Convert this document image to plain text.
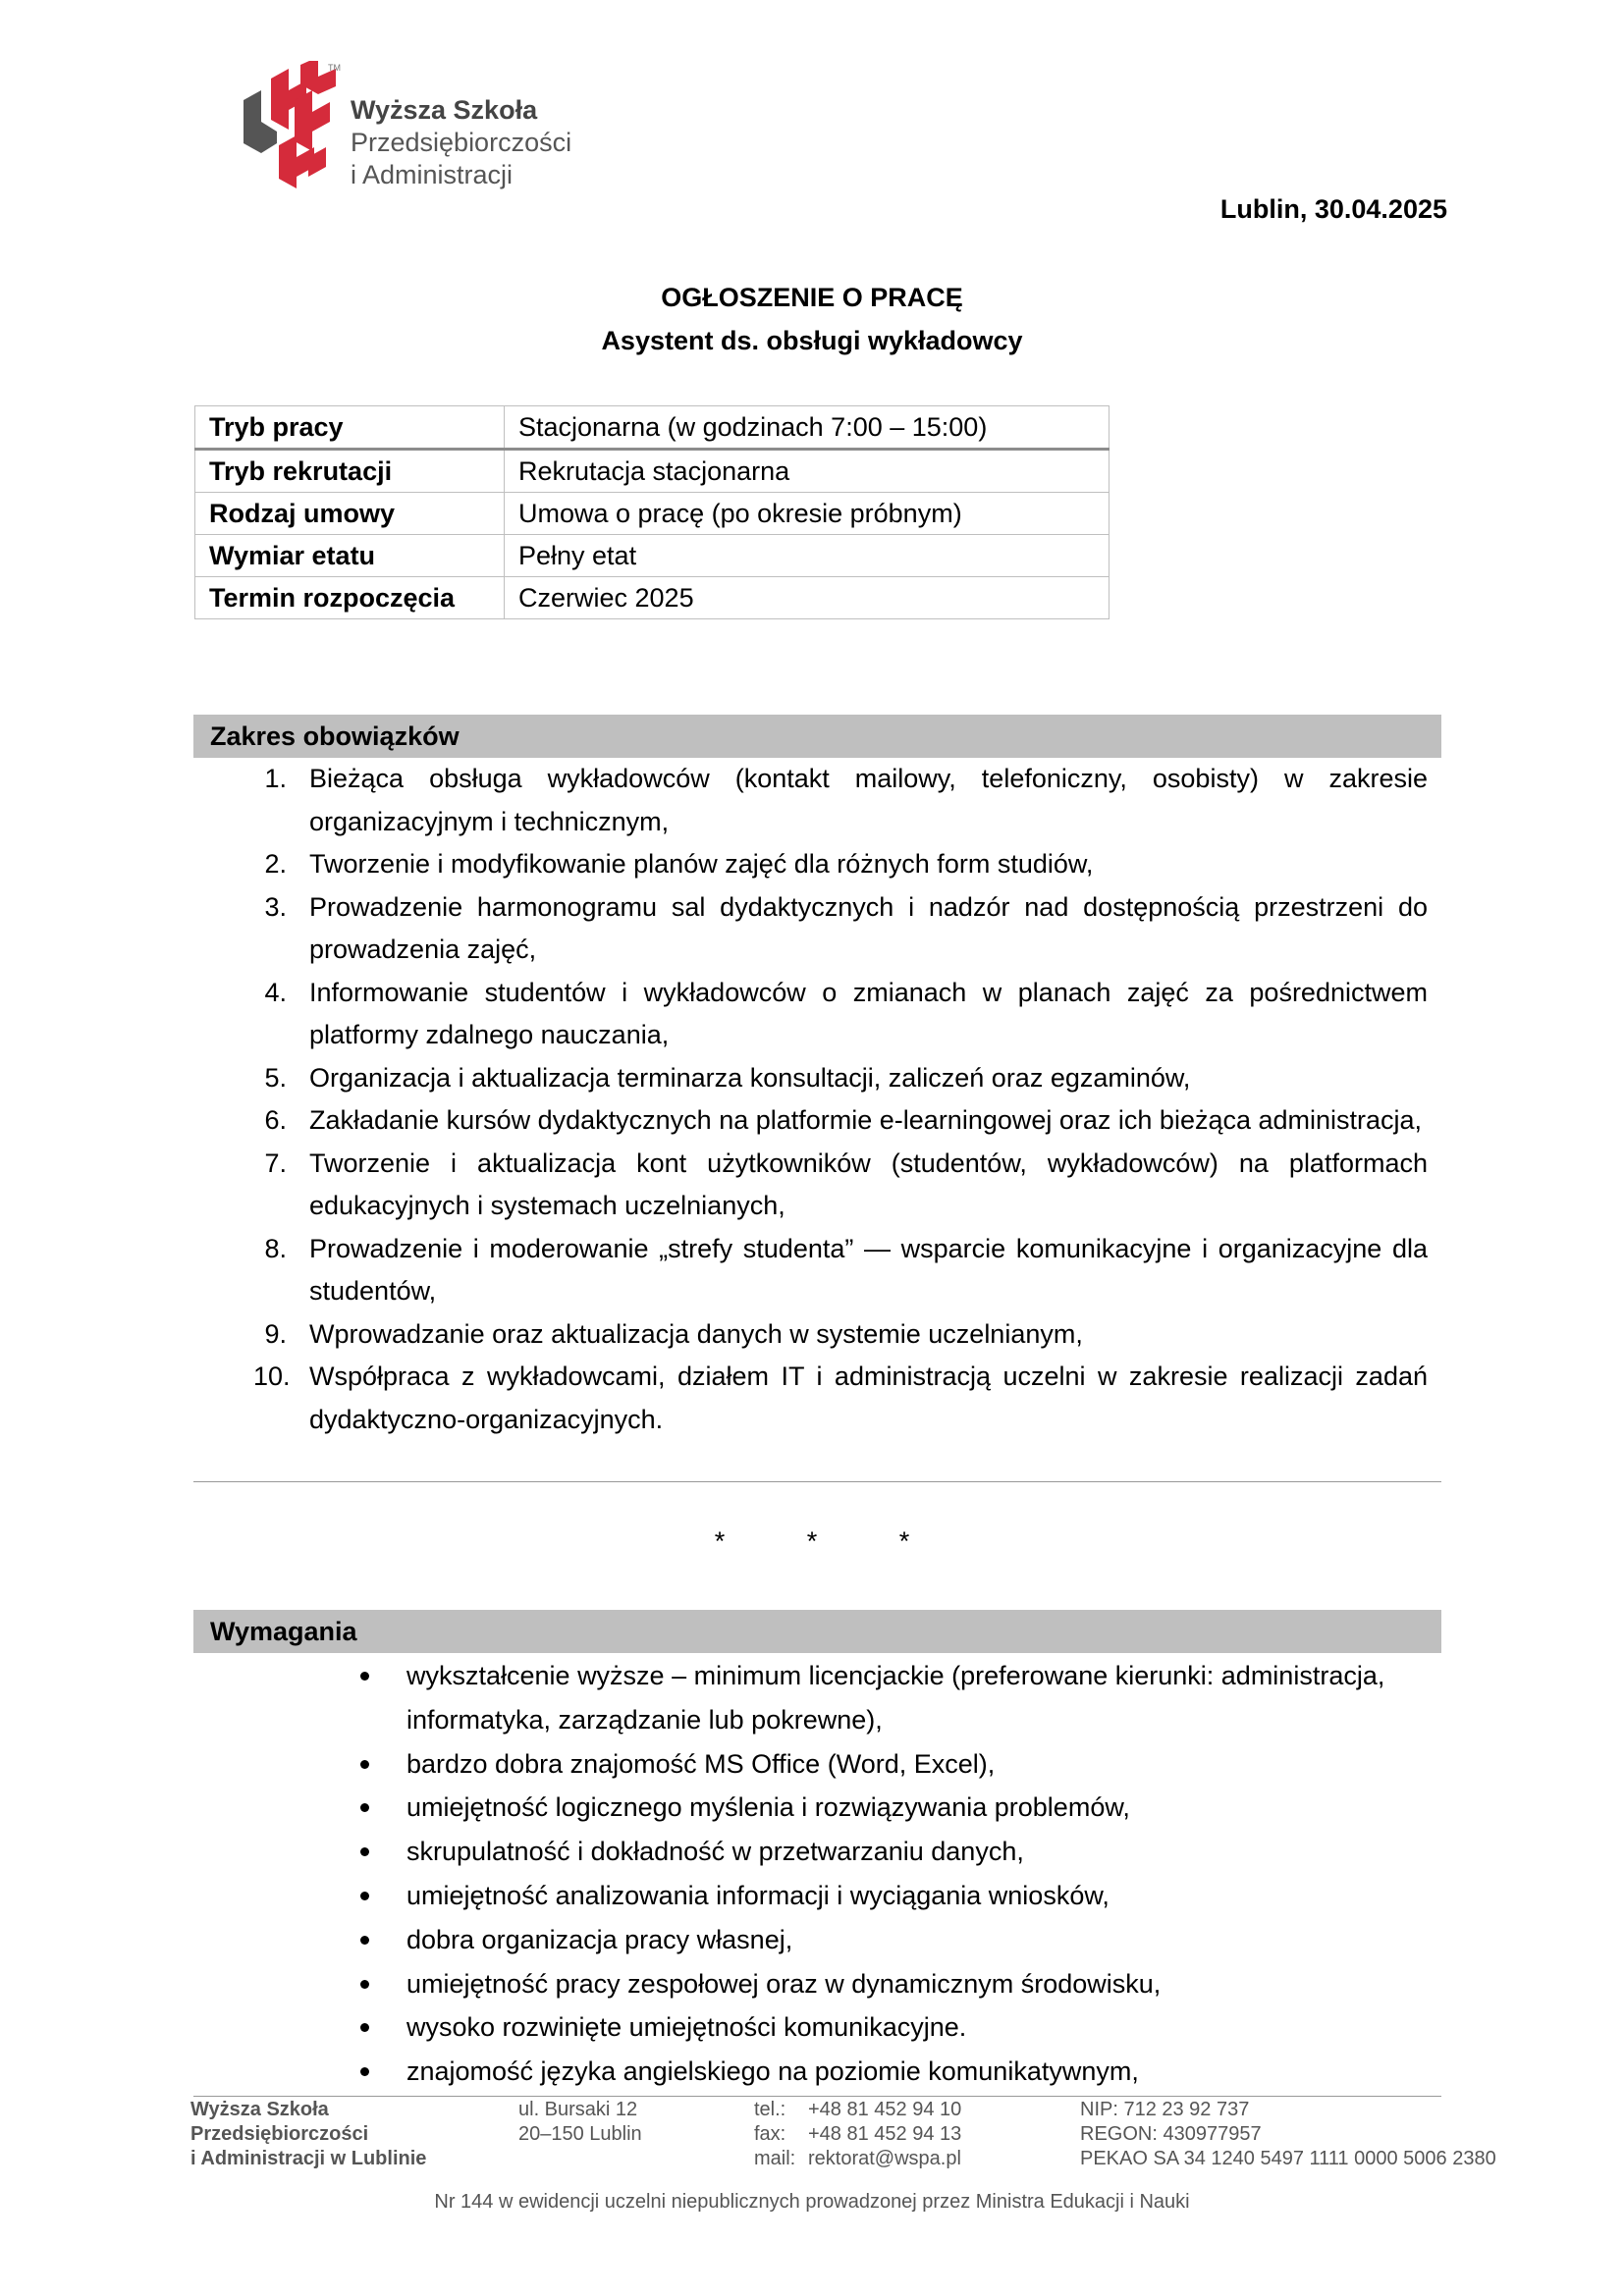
TM
Wyższa Szkoła
Przedsiębiorczości
i Administracji
Lublin, 30.04.2025
OGŁOSZENIE O PRACĘ
Asystent ds. obsługi wykładowcy
Tryb pracy	Stacjonarna (w godzinach 7:00 – 15:00)
Tryb rekrutacji	Rekrutacja stacjonarna
Rodzaj umowy	Umowa o pracę (po okresie próbnym)
Wymiar etatu	Pełny etat
Termin rozpoczęcia	Czerwiec 2025
Zakres obowiązków
1. Bieżąca obsługa wykładowców (kontakt mailowy, telefoniczny, osobisty) w zakresie organizacyjnym i technicznym,
2. Tworzenie i modyfikowanie planów zajęć dla różnych form studiów,
3. Prowadzenie harmonogramu sal dydaktycznych i nadzór nad dostępnością przestrzeni do prowadzenia zajęć,
4. Informowanie studentów i wykładowców o zmianach w planach zajęć za pośrednictwem platformy zdalnego nauczania,
5. Organizacja i aktualizacja terminarza konsultacji, zaliczeń oraz egzaminów,
6. Zakładanie kursów dydaktycznych na platformie e-learningowej oraz ich bieżąca administracja,
7. Tworzenie i aktualizacja kont użytkowników (studentów, wykładowców) na platformach edukacyjnych i systemach uczelnianych,
8. Prowadzenie i moderowanie „strefy studenta” — wsparcie komunikacyjne i organizacyjne dla studentów,
9. Wprowadzanie oraz aktualizacja danych w systemie uczelnianym,
10. Współpraca z wykładowcami, działem IT i administracją uczelni w zakresie realizacji zadań dydaktyczno-organizacyjnych.
* * *
Wymagania
wykształcenie wyższe – minimum licencjackie (preferowane kierunki: administracja, informatyka, zarządzanie lub pokrewne),
bardzo dobra znajomość MS Office (Word, Excel),
umiejętność logicznego myślenia i rozwiązywania problemów,
skrupulatność i dokładność w przetwarzaniu danych,
umiejętność analizowania informacji i wyciągania wniosków,
dobra organizacja pracy własnej,
umiejętność pracy zespołowej oraz w dynamicznym środowisku,
wysoko rozwinięte umiejętności komunikacyjne.
znajomość języka angielskiego na poziomie komunikatywnym,
Wyższa Szkoła
Przedsiębiorczości
i Administracji w Lublinie
ul. Bursaki 12
20–150 Lublin
tel.: +48 81 452 94 10
fax: +48 81 452 94 13
mail: rektorat@wspa.pl
NIP: 712 23 92 737
REGON: 430977957
PEKAO SA 34 1240 5497 1111 0000 5006 2380
Nr 144 w ewidencji uczelni niepublicznych prowadzonej przez Ministra Edukacji i Nauki
